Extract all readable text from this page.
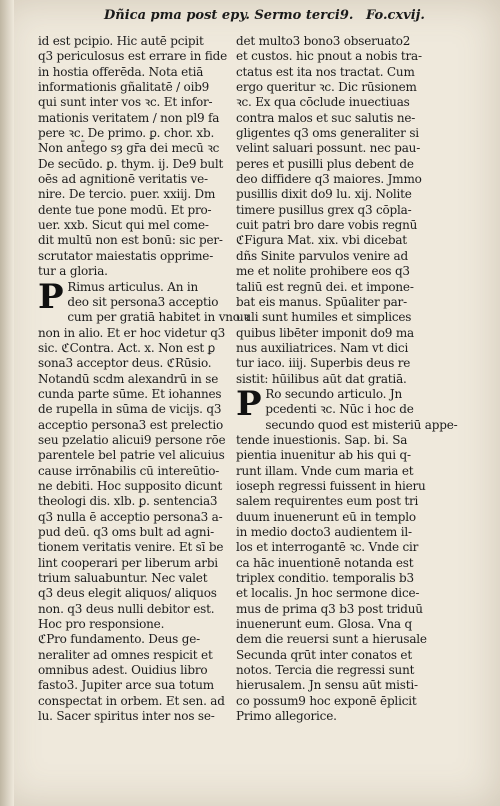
Dñica pma post epy. Sermo terci9. Fo.cxvij.
id est pcipio. Hic autē pcipit
q3 periculosus est errare in fide
in hostia offerēda. Nota etiā
informationis gñalitatē / oib9
qui sunt inter vos ꝛc. Et infor-
mationis veritatem / non pl9 fa
pere ꝛc. De primo. ꝑ. chor. xb.
Non ant̄ego sȝ gr̄a dei mecū ꝛc
De secūdo. ꝑ. thym. ij. De9 bult
oēs ad agnitionē veritatis ve-
nire. De tercio. puer. xxiij. Dm
dente tue pone modū. Et pro-
uer. xxb. Sicut qui mel come-
dit multū non est bonū: sic per-
scrutator maiestatis opprime-
tur a gloria.
P Rimus articulus. An in
deo sit persona3 acceptio
cum per gratiā habitet in vno ꝛ
non in alio. Et er hoc videtur q3
sic. ℭContra. Act. x. Non est ꝑ
sona3 acceptor deus. ℭRūsio.
Notandū scdm alexandrū in se
cunda parte sūme. Et iohannes
de rupella in sūma de vicijs. q3
acceptio persona3 est prelectio
seu pzelatio alicui9 persone rōe
parentele bel patrie vel alicuius
cause irrōnabilis cū intereūtio-
ne debiti. Hoc supposito dicunt
theologi dis. xlb. ꝑ. sentencia3
q3 nulla ē acceptio persona3 a-
pud deū. q3 oms bult ad agni-
tionem veritatis venire. Et sī be
lint cooperari per liberum arbi
trium saluabuntur. Nec valet
q3 deus elegit aliquos/ aliquos
non. q3 deus nulli debitor est.
Hoc pro responsione.
ℭPro fundamento. Deus ge-
neraliter ad omnes respicit et
omnibus adest. Ouidius libro
fasto3. Jupiter arce sua totum
conspectat in orbem. Et sen. ad
lu. Sacer spiritus inter nos se-
det multo3 bono3 obseruato2
et custos. hic pnout a nobis tra-
ctatus est ita nos tractat. Cum
ergo queritur ꝛc. Dic rūsionem
ꝛc. Ex qua cōclude inuectiuas
contra malos et suc salutis ne-
gligentes q3 oms generaliter si
velint saluari possunt. nec pau-
peres et pusilli plus debent de
deo diffidere q3 maiores. Jmmo
pusillis dixit do9 lu. xij. Nolite
timere pusillus grex q3 cōpla-
cuit patri bro dare vobis regnū
ℭFigura Mat. xix. vbi dicebat
dñs Sinite parvulos venire ad
me et nolite prohibere eos q3
taliū est regnū dei. et impone-
bat eis manus. Spūaliter par-
uuli sunt humiles et simplices
quibus libēter imponit do9 ma
nus auxiliatrices. Nam vt dici
tur iaco. iiij. Superbis deus re
sistit: hūilibus aūt dat gratiā.
P Ro secundo articulo. Jn
pcedenti ꝛc. Nūc i hoc de
secundo quod est misteriū appe-
tende inuestionis. Sap. bi. Sa
pientia inuenitur ab his qui q-
runt illam. Vnde cum maria et
ioseph regressi fuissent in hieru
salem requirentes eum post tri
duum inuenerunt eū in templo
in medio docto3 audientem il-
los et interrogantē ꝛc. Vnde cir
ca hāc inuentionē notanda est
triplex conditio. temporalis b3
et localis. Jn hoc sermone dice-
mus de prima q3 b3 post triduū
inuenerunt eum. Glosa. Vna q
dem die reuersi sunt a hierusale
Secunda qrūt inter conatos et
notos. Tercia die regressi sunt
hierusalem. Jn sensu aūt misti-
co possum9 hoc exponē ēplicit
Primo allegorice.
